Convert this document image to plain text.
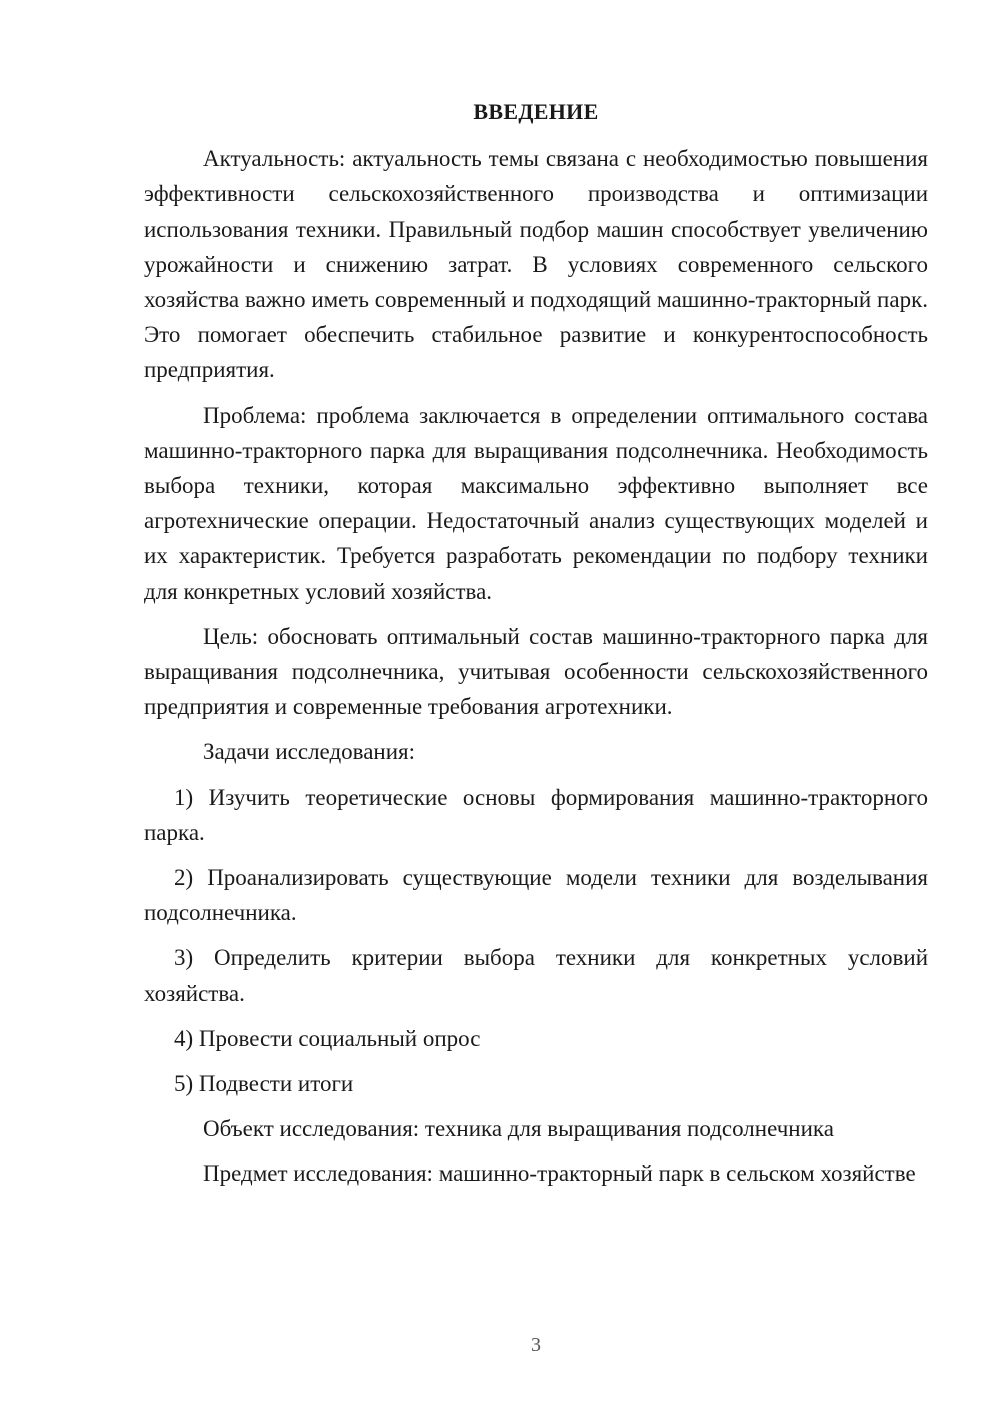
ВВЕДЕНИЕ

Актуальность: актуальность темы связана с необходимостью повышения эффективности сельскохозяйственного производства и оптимизации использования техники. Правильный подбор машин способствует увеличению урожайности и снижению затрат. В условиях современного сельского хозяйства важно иметь современный и подходящий машинно-тракторный парк. Это помогает обеспечить стабильное развитие и конкурентоспособность предприятия.

Проблема: проблема заключается в определении оптимального состава машинно-тракторного парка для выращивания подсолнечника. Необходимость выбора техники, которая максимально эффективно выполняет все агротехнические операции. Недостаточный анализ существующих моделей и их характеристик. Требуется разработать рекомендации по подбору техники для конкретных условий хозяйства.

Цель: обосновать оптимальный состав машинно-тракторного парка для выращивания подсолнечника, учитывая особенности сельскохозяйственного предприятия и современные требования агротехники.

Задачи исследования:

1) Изучить теоретические основы формирования машинно-тракторного парка.

2) Проанализировать существующие модели техники для возделывания подсолнечника.

3) Определить критерии выбора техники для конкретных условий хозяйства.

4) Провести социальный опрос

5) Подвести итоги

Объект исследования: техника для выращивания подсолнечника

Предмет исследования: машинно-тракторный парк в сельском хозяйстве

3
